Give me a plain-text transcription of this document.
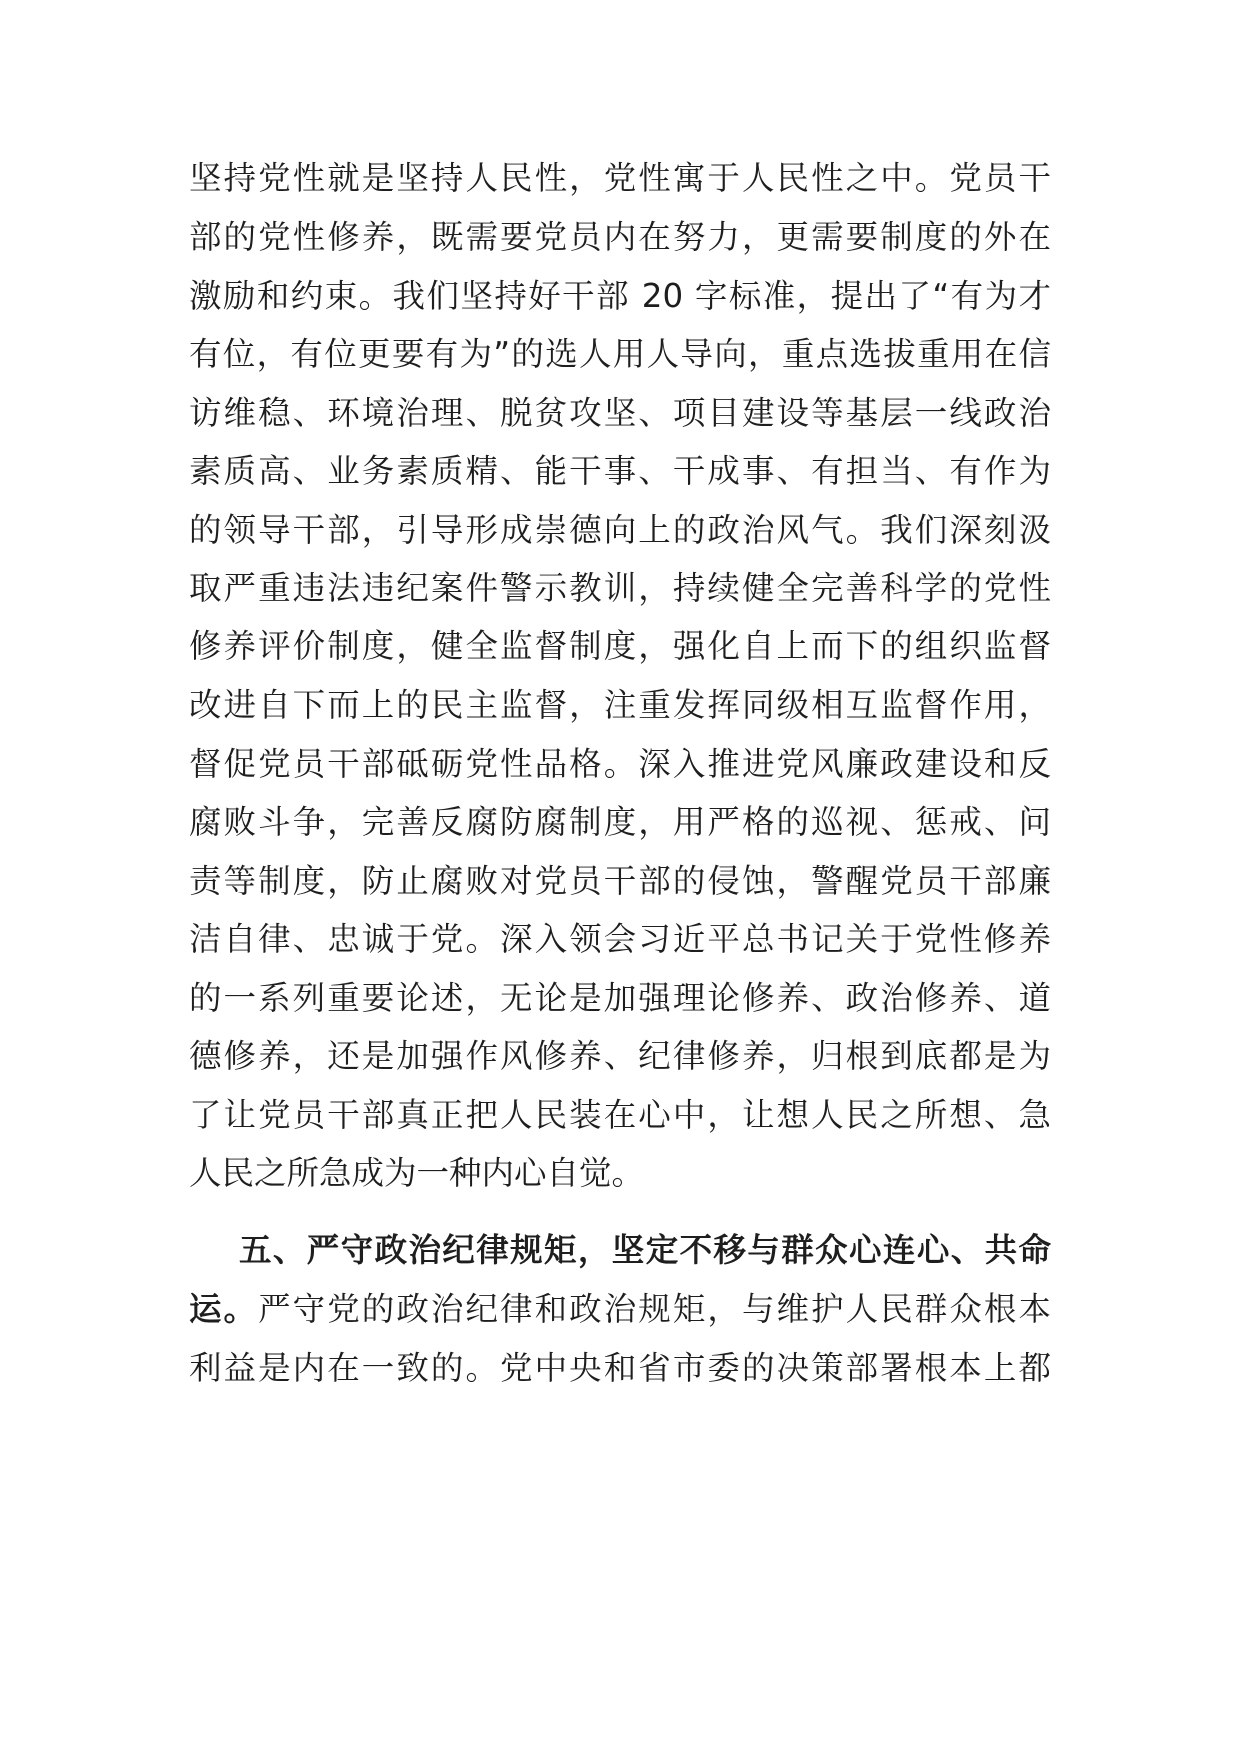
坚持党性就是坚持人民性，党性寓于人民性之中。党员干
部的党性修养，既需要党员内在努力，更需要制度的外在
激励和约束。我们坚持好干部 20 字标准，提出了“有为才
有位，有位更要有为”的选人用人导向，重点选拔重用在信
访维稳、环境治理、脱贫攻坚、项目建设等基层一线政治
素质高、业务素质精、能干事、干成事、有担当、有作为
的领导干部，引导形成崇德向上的政治风气。我们深刻汲
取严重违法违纪案件警示教训，持续健全完善科学的党性
修养评价制度，健全监督制度，强化自上而下的组织监督
改进自下而上的民主监督，注重发挥同级相互监督作用，
督促党员干部砥砺党性品格。深入推进党风廉政建设和反
腐败斗争，完善反腐防腐制度，用严格的巡视、惩戒、问
责等制度，防止腐败对党员干部的侵蚀，警醒党员干部廉
洁自律、忠诚于党。深入领会习近平总书记关于党性修养
的一系列重要论述，无论是加强理论修养、政治修养、道
德修养，还是加强作风修养、纪律修养，归根到底都是为
了让党员干部真正把人民装在心中，让想人民之所想、急
人民之所急成为一种内心自觉。
五、严守政治纪律规矩，坚定不移与群众心连心、共命
运。严守党的政治纪律和政治规矩，与维护人民群众根本
利益是内在一致的。党中央和省市委的决策部署根本上都
